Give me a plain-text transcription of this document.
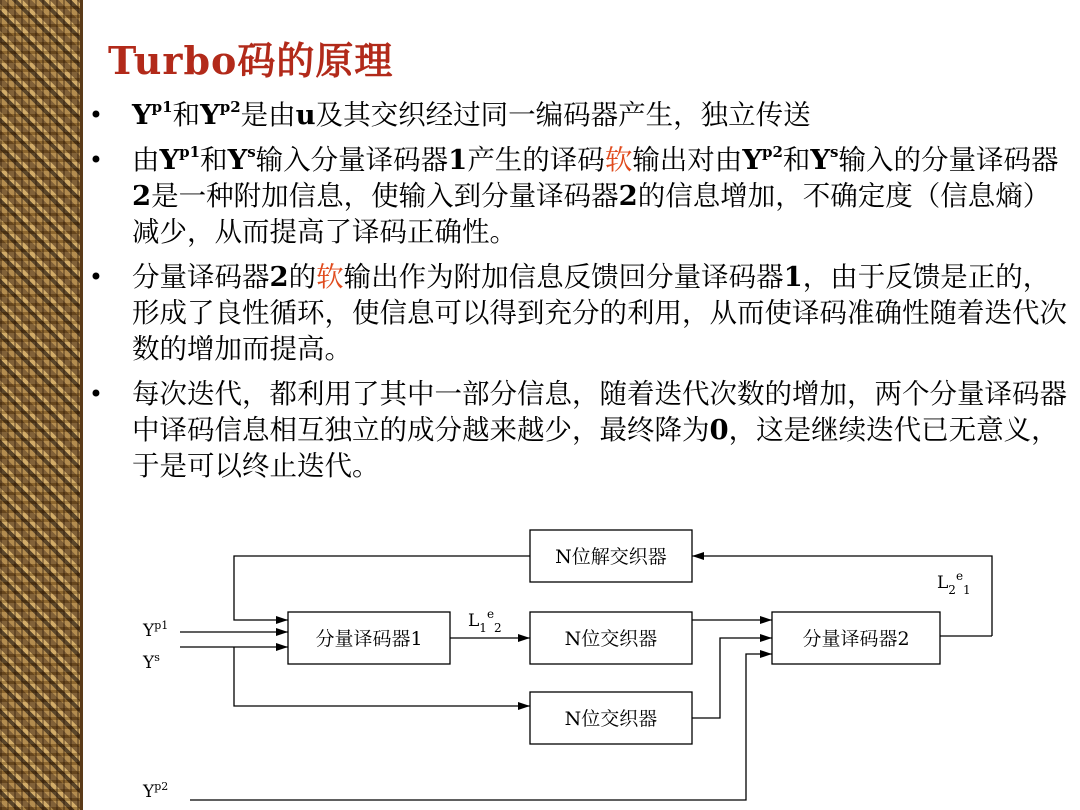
Turbo码的原理
• $Y^{p1}$和$Y^{p2}$是由u及其交织经过同一编码器产生，独立传送
• 由$Y^{p1}$和$Y^s$输入分量译码器1产生的译码软输出对由$Y^{p2}$和$Y^s$输入的分量译码器2是一种附加信息，使输入到分量译码器2的信息增加，不确定度（信息熵）减少，从而提高了译码正确性。
• 分量译码器2的软输出作为附加信息反馈回分量译码器1，由于反馈是正的，形成了良性循环，使信息可以得到充分的利用，从而使译码准确性随着迭代次数的增加而提高。
• 每次迭代，都利用了其中一部分信息，随着迭代次数的增加，两个分量译码器中译码信息相互独立的成分越来越少，最终降为0，这是继续迭代已无意义，于是可以终止迭代。
N位解交织器
分量译码器1	N位交织器	分量译码器2
N位交织器
$Y^{p1}$
$Y^s$
$Y^{p2}$
$L_1^e_2$
$L_2^e_1$
